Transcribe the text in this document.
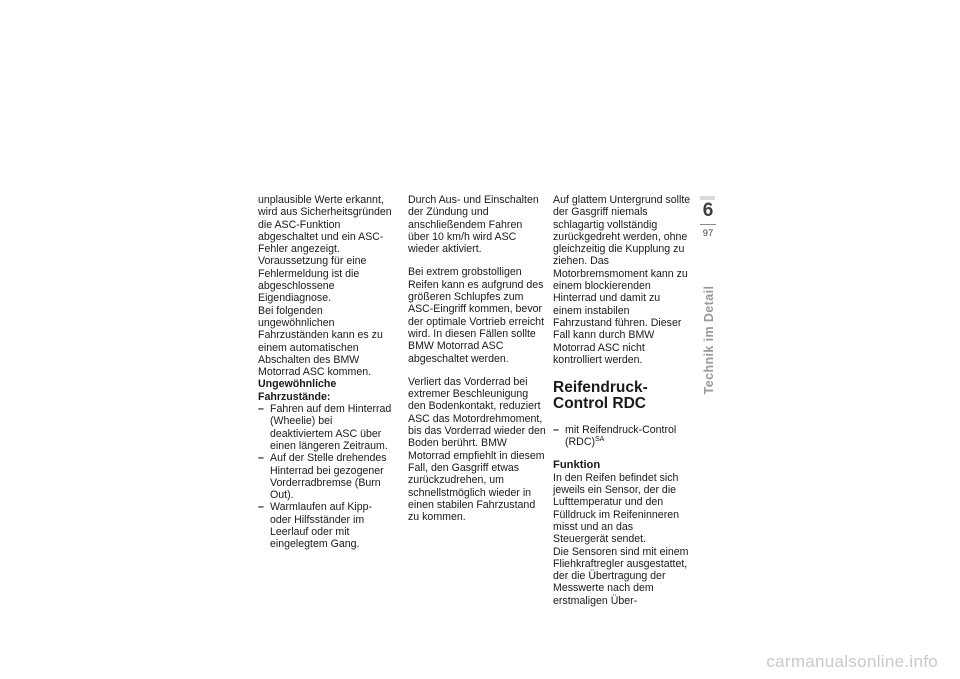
unplausible Werte erkannt, wird aus Sicherheitsgründen die ASC-Funktion abgeschaltet und ein ASC-Fehler angezeigt. Voraussetzung für eine Fehlermeldung ist die abgeschlossene Eigendiagnose.

Bei folgenden ungewöhnlichen Fahrzuständen kann es zu einem automatischen Abschalten des BMW Motorrad ASC kommen.

Ungewöhnliche Fahrzustände:

– Fahren auf dem Hinterrad (Wheelie) bei deaktiviertem ASC über einen längeren Zeitraum.
– Auf der Stelle drehendes Hinterrad bei gezogener Vorderradbremse (Burn Out).
– Warmlaufen auf Kipp- oder Hilfsständer im Leerlauf oder mit eingelegtem Gang.

Durch Aus- und Einschalten der Zündung und anschließendem Fahren über 10 km/h wird ASC wieder aktiviert.

Bei extrem grobstolligen Reifen kann es aufgrund des größeren Schlupfes zum ASC-Eingriff kommen, bevor der optimale Vortrieb erreicht wird. In diesen Fällen sollte BMW Motorrad ASC abgeschaltet werden.

Verliert das Vorderrad bei extremer Beschleunigung den Bodenkontakt, reduziert ASC das Motordrehmoment, bis das Vorderrad wieder den Boden berührt. BMW Motorrad empfiehlt in diesem Fall, den Gasgriff etwas zurückzudrehen, um schnellstmöglich wieder in einen stabilen Fahrzustand zu kommen.

Auf glattem Untergrund sollte der Gasgriff niemals schlagartig vollständig zurückgedreht werden, ohne gleichzeitig die Kupplung zu ziehen. Das Motorbremsmoment kann zu einem blockierenden Hinterrad und damit zu einem instabilen Fahrzustand führen. Dieser Fall kann durch BMW Motorrad ASC nicht kontrolliert werden.

Reifendruck-Control RDC
– mit Reifendruck-Control (RDC)$^{SA}$
Funktion

In den Reifen befindet sich jeweils ein Sensor, der die Lufttemperatur und den Fülldruck im Reifeninneren misst und an das Steuergerät sendet.

Die Sensoren sind mit einem Fliehkraftregler ausgestattet, der die Übertragung der Messwerte nach dem erstmaligen Über-

6
97
Technik im Detail
carmanualsonline.info
